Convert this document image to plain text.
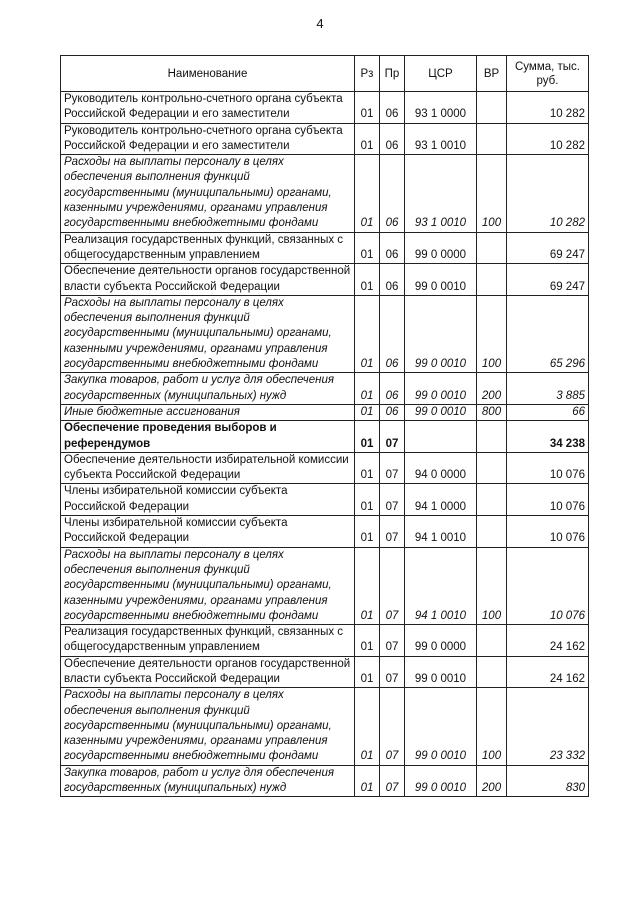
4
Наименование	Рз	Пр	ЦСР	ВР	Сумма, тыс. руб.
Руководитель контрольно-счетного органа субъекта Российской Федерации и его заместители	01	06	93 1 0000		10 282
Руководитель контрольно-счетного органа субъекта Российской Федерации и его заместители	01	06	93 1 0010		10 282
Расходы на выплаты персоналу в целях обеспечения выполнения функций государственными (муниципальными) органами, казенными учреждениями, органами управления государственными внебюджетными фондами	01	06	93 1 0010	100	10 282
Реализация государственных функций, связанных с общегосударственным управлением	01	06	99 0 0000		69 247
Обеспечение деятельности органов государственной власти субъекта Российской Федерации	01	06	99 0 0010		69 247
Расходы на выплаты персоналу в целях обеспечения выполнения функций государственными (муниципальными) органами, казенными учреждениями, органами управления государственными внебюджетными фондами	01	06	99 0 0010	100	65 296
Закупка товаров, работ и услуг для обеспечения государственных (муниципальных) нужд	01	06	99 0 0010	200	3 885
Иные бюджетные ассигнования	01	06	99 0 0010	800	66
Обеспечение проведения выборов и референдумов	01	07			34 238
Обеспечение деятельности избирательной комиссии субъекта Российской Федерации	01	07	94 0 0000		10 076
Члены избирательной комиссии субъекта Российской Федерации	01	07	94 1 0000		10 076
Члены избирательной комиссии субъекта Российской Федерации	01	07	94 1 0010		10 076
Расходы на выплаты персоналу в целях обеспечения выполнения функций государственными (муниципальными) органами, казенными учреждениями, органами управления государственными внебюджетными фондами	01	07	94 1 0010	100	10 076
Реализация государственных функций, связанных с общегосударственным управлением	01	07	99 0 0000		24 162
Обеспечение деятельности органов государственной власти субъекта Российской Федерации	01	07	99 0 0010		24 162
Расходы на выплаты персоналу в целях обеспечения выполнения функций государственными (муниципальными) органами, казенными учреждениями, органами управления государственными внебюджетными фондами	01	07	99 0 0010	100	23 332
Закупка товаров, работ и услуг для обеспечения государственных (муниципальных) нужд	01	07	99 0 0010	200	830
